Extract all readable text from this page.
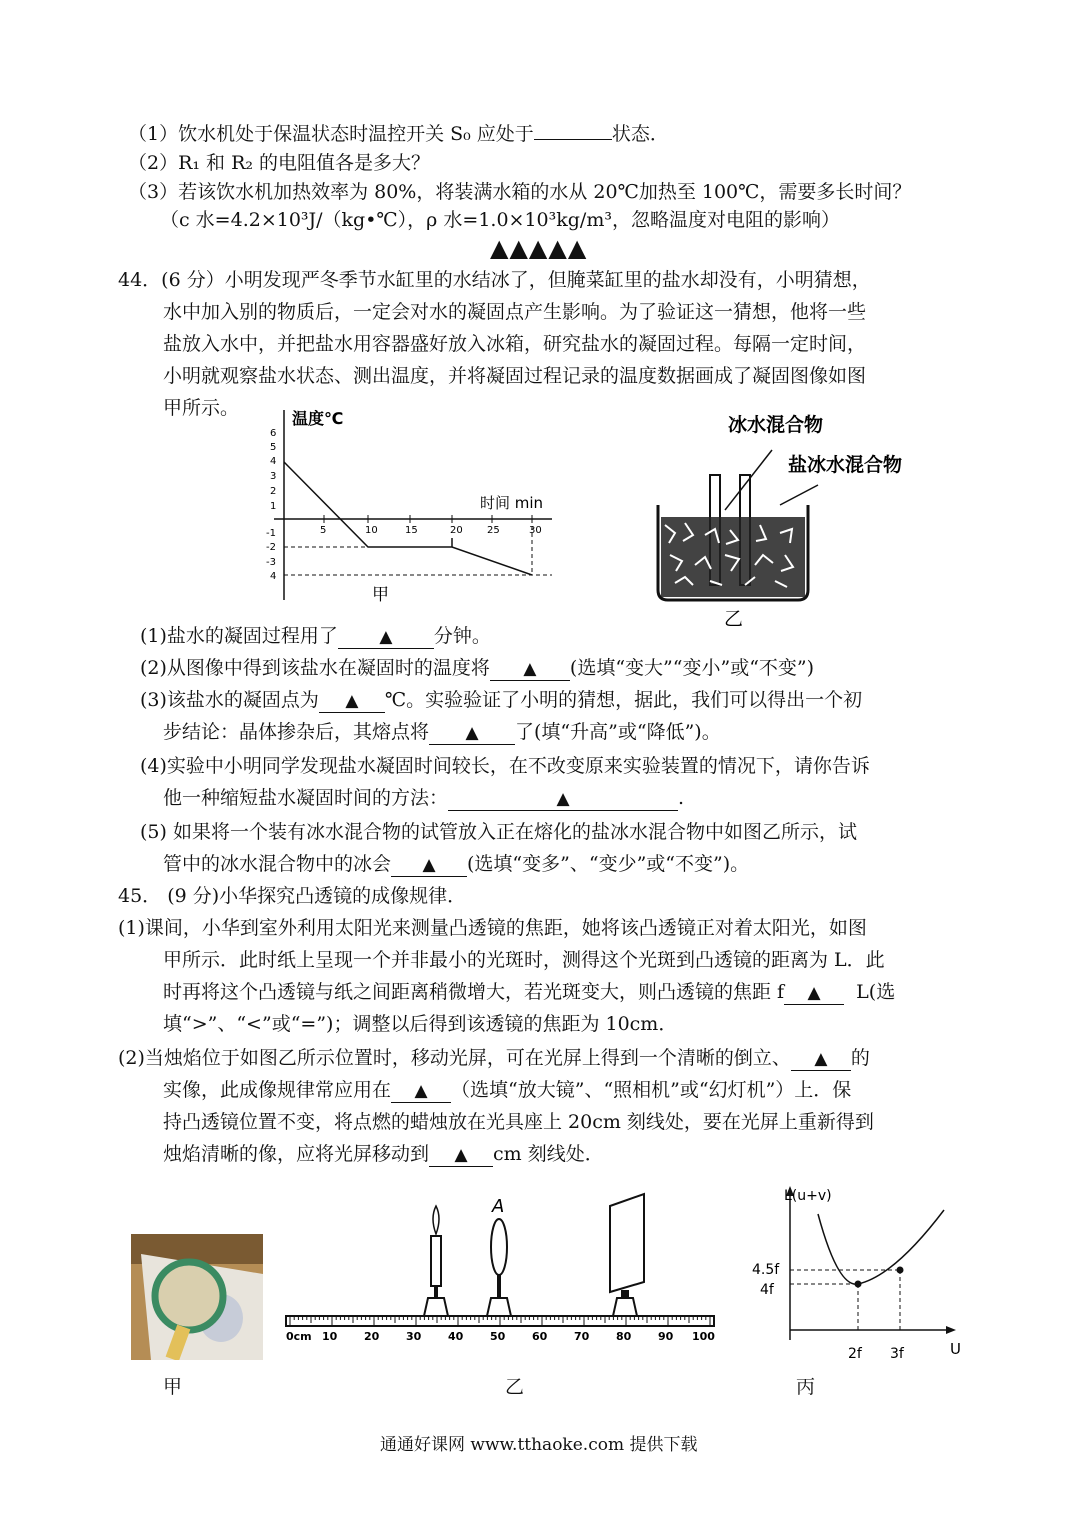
（1）饮水机处于保温状态时温控开关 S₀ 应处于	状态．
（2）R₁ 和 R₂ 的电阻值各是多大？
（3）若该饮水机加热效率为 80%，将装满水箱的水从 20℃加热至 100℃，需要多长时间？
（c 水=4.2×10³J/（kg•℃），ρ 水=1.0×10³kg/m³，忽略温度对电阻的影响）
▲▲▲▲▲
44．(6 分）小明发现严冬季节水缸里的水结冰了，但腌菜缸里的盐水却没有，小明猜想，
水中加入别的物质后，一定会对水的凝固点产生影响。为了验证这一猜想，他将一些
盐放入水中，并把盐水用容器盛好放入冰箱，研究盐水的凝固过程。每隔一定时间，
小明就观察盐水状态、测出温度，并将凝固过程记录的温度数据画成了凝固图像如图
甲所示。	温度℃
时间 min
6
5
4
3
2
1
-1
-2
-3
4
5	10	15	20 25	30
甲
冰水混合物
盐冰水混合物
乙
(1)盐水的凝固过程用了 ▲ 分钟。
(2)从图像中得到该盐水在凝固时的温度将 ▲ (选填“变大”“变小”或“不变”)
(3)该盐水的凝固点为 ▲ ℃。实验验证了小明的猜想，据此，我们可以得出一个初
步结论：晶体掺杂后，其熔点将 ▲ 了(填“升高”或“降低”)。
(4)实验中小明同学发现盐水凝固时间较长，在不改变原来实验装置的情况下，请你告诉
他一种缩短盐水凝固时间的方法：	▲	.
(5) 如果将一个装有冰水混合物的试管放入正在熔化的盐冰水混合物中如图乙所示，试
管中的冰水混合物中的冰会 ▲ (选填“变多”、“变少”或“不变”)。
45． (9 分)小华探究凸透镜的成像规律．
(1)课间，小华到室外利用太阳光来测量凸透镜的焦距，她将该凸透镜正对着太阳光，如图
甲所示．此时纸上呈现一个并非最小的光斑时，测得这个光斑到凸透镜的距离为 L．此
时再将这个凸透镜与纸之间距离稍微增大，若光斑变大，则凸透镜的焦距 f ▲ L(选
填“>”、“<”或“=”)；调整以后得到该透镜的焦距为 10cm．
(2)当烛焰位于如图乙所示位置时，移动光屏，可在光屏上得到一个清晰的倒立、 ▲ 的
实像，此成像规律常应用在 ▲ （选填“放大镜”、“照相机”或“幻灯机”）上．保
持凸透镜位置不变，将点燃的蜡烛放在光具座上 20cm 刻线处，要在光屏上重新得到
烛焰清晰的像，应将光屏移动到 ▲ cm 刻线处．
甲
A
0cm 10 20 30 40 50 60 70 80 90 100
乙
L(u+v)
U
4.5f
4f
2f 3f
丙
通通好课网 www.tthaoke.com 提供下载
